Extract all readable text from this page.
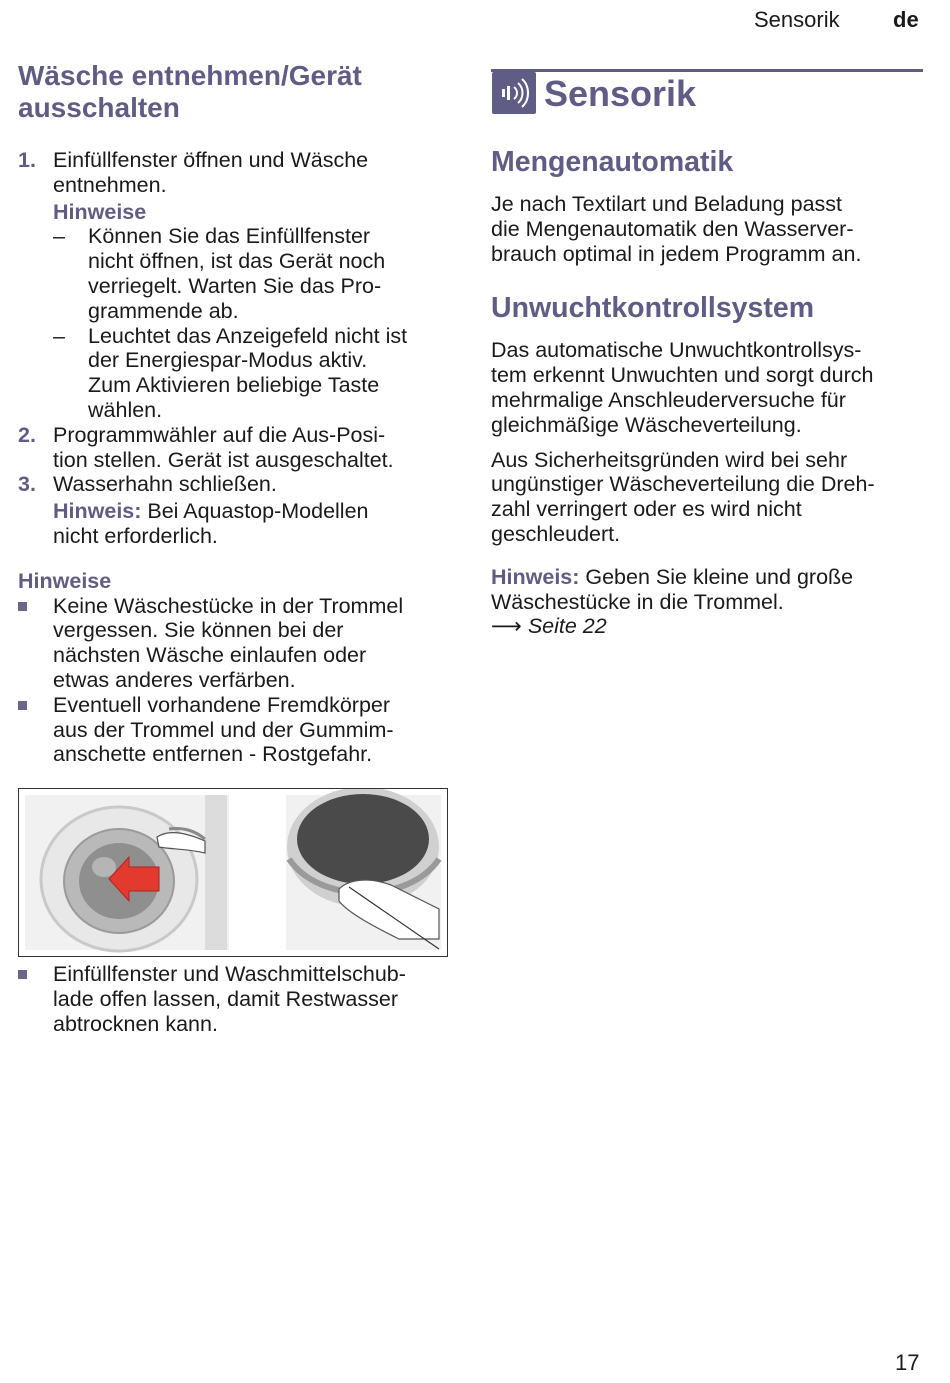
Sensorik de
Wäsche entnehmen/Gerät
ausschalten
1. Einfüllfenster öffnen und Wäsche
entnehmen.
Hinweise
– Können Sie das Einfüllfenster
nicht öffnen, ist das Gerät noch
verriegelt. Warten Sie das Pro-
grammende ab.
– Leuchtet das Anzeigefeld nicht ist
der Energiespar-Modus aktiv.
Zum Aktivieren beliebige Taste
wählen.
2. Programmwähler auf die Aus-Posi-
tion stellen. Gerät ist ausgeschaltet.
3. Wasserhahn schließen.
Hinweis: Bei Aquastop-Modellen
nicht erforderlich.
Hinweise
Keine Wäschestücke in der Trommel
vergessen. Sie können bei der
nächsten Wäsche einlaufen oder
etwas anderes verfärben.
Eventuell vorhandene Fremdkörper
aus der Trommel und der Gummim-
anschette entfernen - Rostgefahr.
Einfüllfenster und Waschmittelschub-
lade offen lassen, damit Restwasser
abtrocknen kann.
Sensorik
Mengenautomatik
Je nach Textilart und Beladung passt
die Mengenautomatik den Wasserver-
brauch optimal in jedem Programm an.
Unwuchtkontrollsystem
Das automatische Unwuchtkontrollsys-
tem erkennt Unwuchten und sorgt durch
mehrmalige Anschleuderversuche für
gleichmäßige Wäscheverteilung.
Aus Sicherheitsgründen wird bei sehr
ungünstiger Wäscheverteilung die Dreh-
zahl verringert oder es wird nicht
geschleudert.
Hinweis: Geben Sie kleine und große
Wäschestücke in die Trommel.
⟶ Seite 22
17
